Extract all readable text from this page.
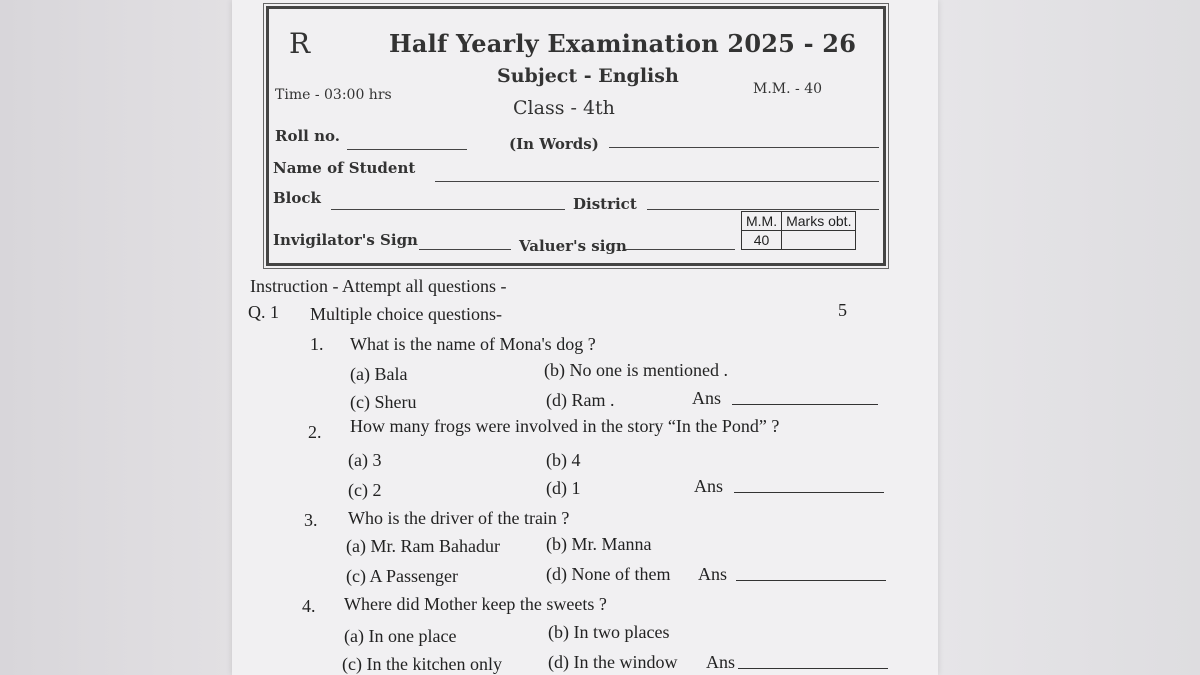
R	Half Yearly Examination 2025 - 26
Subject - English
Class - 4th
Time - 03:00 hrs	M.M. - 40
Roll no.	(In Words)
Name of Student
Block	District
Invigilator's Sign	Valuer's sign
M.M.	Marks obt.
40	
Instruction - Attempt all questions -
Q. 1 Multiple choice questions-	5
1. What is the name of Mona's dog ?
(a) Bala	(b) No one is mentioned .
(c) Sheru	(d) Ram .	Ans
2. How many frogs were involved in the story “In the Pond” ?
(a) 3	(b) 4
(c) 2	(d) 1	Ans
3. Who is the driver of the train ?
(a) Mr. Ram Bahadur	(b) Mr. Manna
(c) A Passenger	(d) None of them Ans
4. Where did Mother keep the sweets ?
(a) In one place	(b) In two places
(c) In the kitchen only	(d) In the window Ans
